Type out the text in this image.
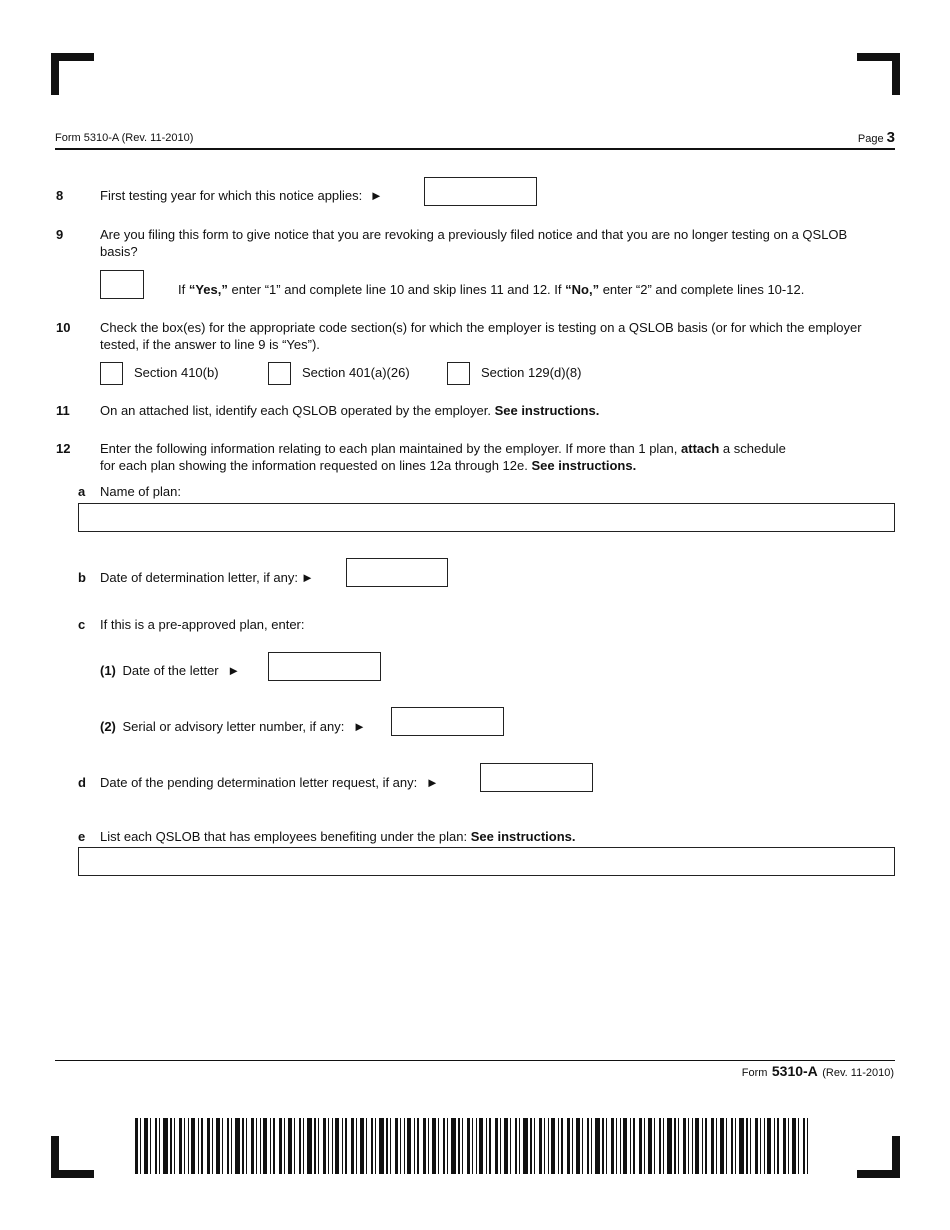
Form 5310-A (Rev. 11-2010)	Page 3
8	First testing year for which this notice applies: ►
9	Are you filing this form to give notice that you are revoking a previously filed notice and that you are no longer testing on a QSLOB basis?
If “Yes,” enter “1” and complete line 10 and skip lines 11 and 12. If “No,” enter “2” and complete lines 10-12.
10 Check the box(es) for the appropriate code section(s) for which the employer is testing on a QSLOB basis (or for which the employer tested, if the answer to line 9 is “Yes”).
Section 410(b)	Section 401(a)(26)	Section 129(d)(8)
11 On an attached list, identify each QSLOB operated by the employer. See instructions.
12 Enter the following information relating to each plan maintained by the employer. If more than 1 plan, attach a schedule for each plan showing the information requested on lines 12a through 12e. See instructions.
a Name of plan:
b Date of determination letter, if any: ►
c If this is a pre-approved plan, enter:
(1) Date of the letter ►
(2) Serial or advisory letter number, if any: ►
d Date of the pending determination letter request, if any: ►
e List each QSLOB that has employees benefiting under the plan: See instructions.
Form 5310-A (Rev. 11-2010)
